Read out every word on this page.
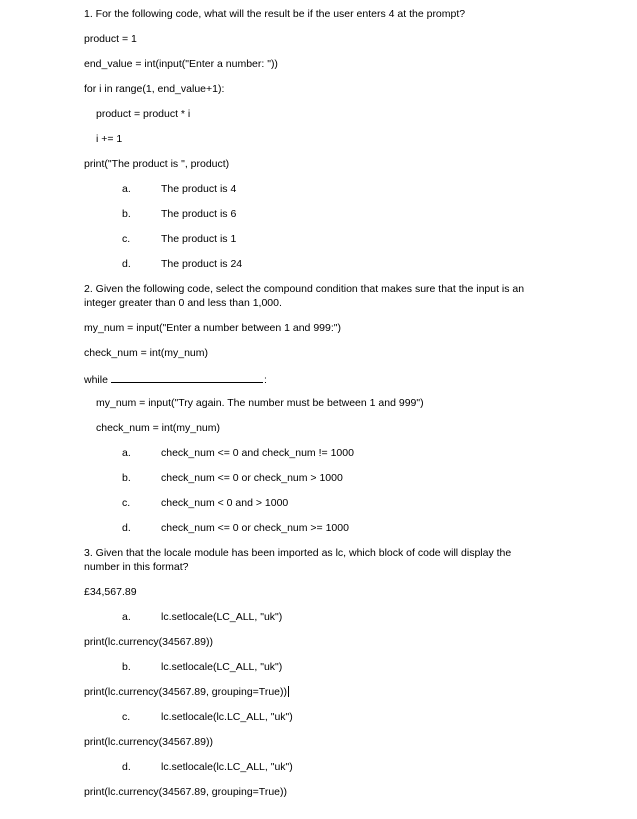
1. For the following code, what will the result be if the user enters 4 at the prompt?
product = 1
end_value = int(input("Enter a number: "))
for i in range(1, end_value+1):
product = product * i
i += 1
print("The product is ", product)
a.	The product is 4
b.	The product is 6
c.	The product is 1
d.	The product is 24
2. Given the following code, select the compound condition that makes sure that the input is an
integer greater than 0 and less than 1,000.
my_num = input("Enter a number between 1 and 999:")
check_num = int(my_num)
while	:
my_num = input("Try again. The number must be between 1 and 999")
check_num = int(my_num)
a.	check_num <= 0 and check_num != 1000
b.	check_num <= 0 or check_num > 1000
c.	check_num < 0 and > 1000
d.	check_num <= 0 or check_num >= 1000
3. Given that the locale module has been imported as lc, which block of code will display the
number in this format?
£34,567.89
a.	lc.setlocale(LC_ALL, "uk")
print(lc.currency(34567.89))
b.	lc.setlocale(LC_ALL, "uk")
print(lc.currency(34567.89, grouping=True))
c.	lc.setlocale(lc.LC_ALL, "uk")
print(lc.currency(34567.89))
d.	lc.setlocale(lc.LC_ALL, "uk")
print(lc.currency(34567.89, grouping=True))
